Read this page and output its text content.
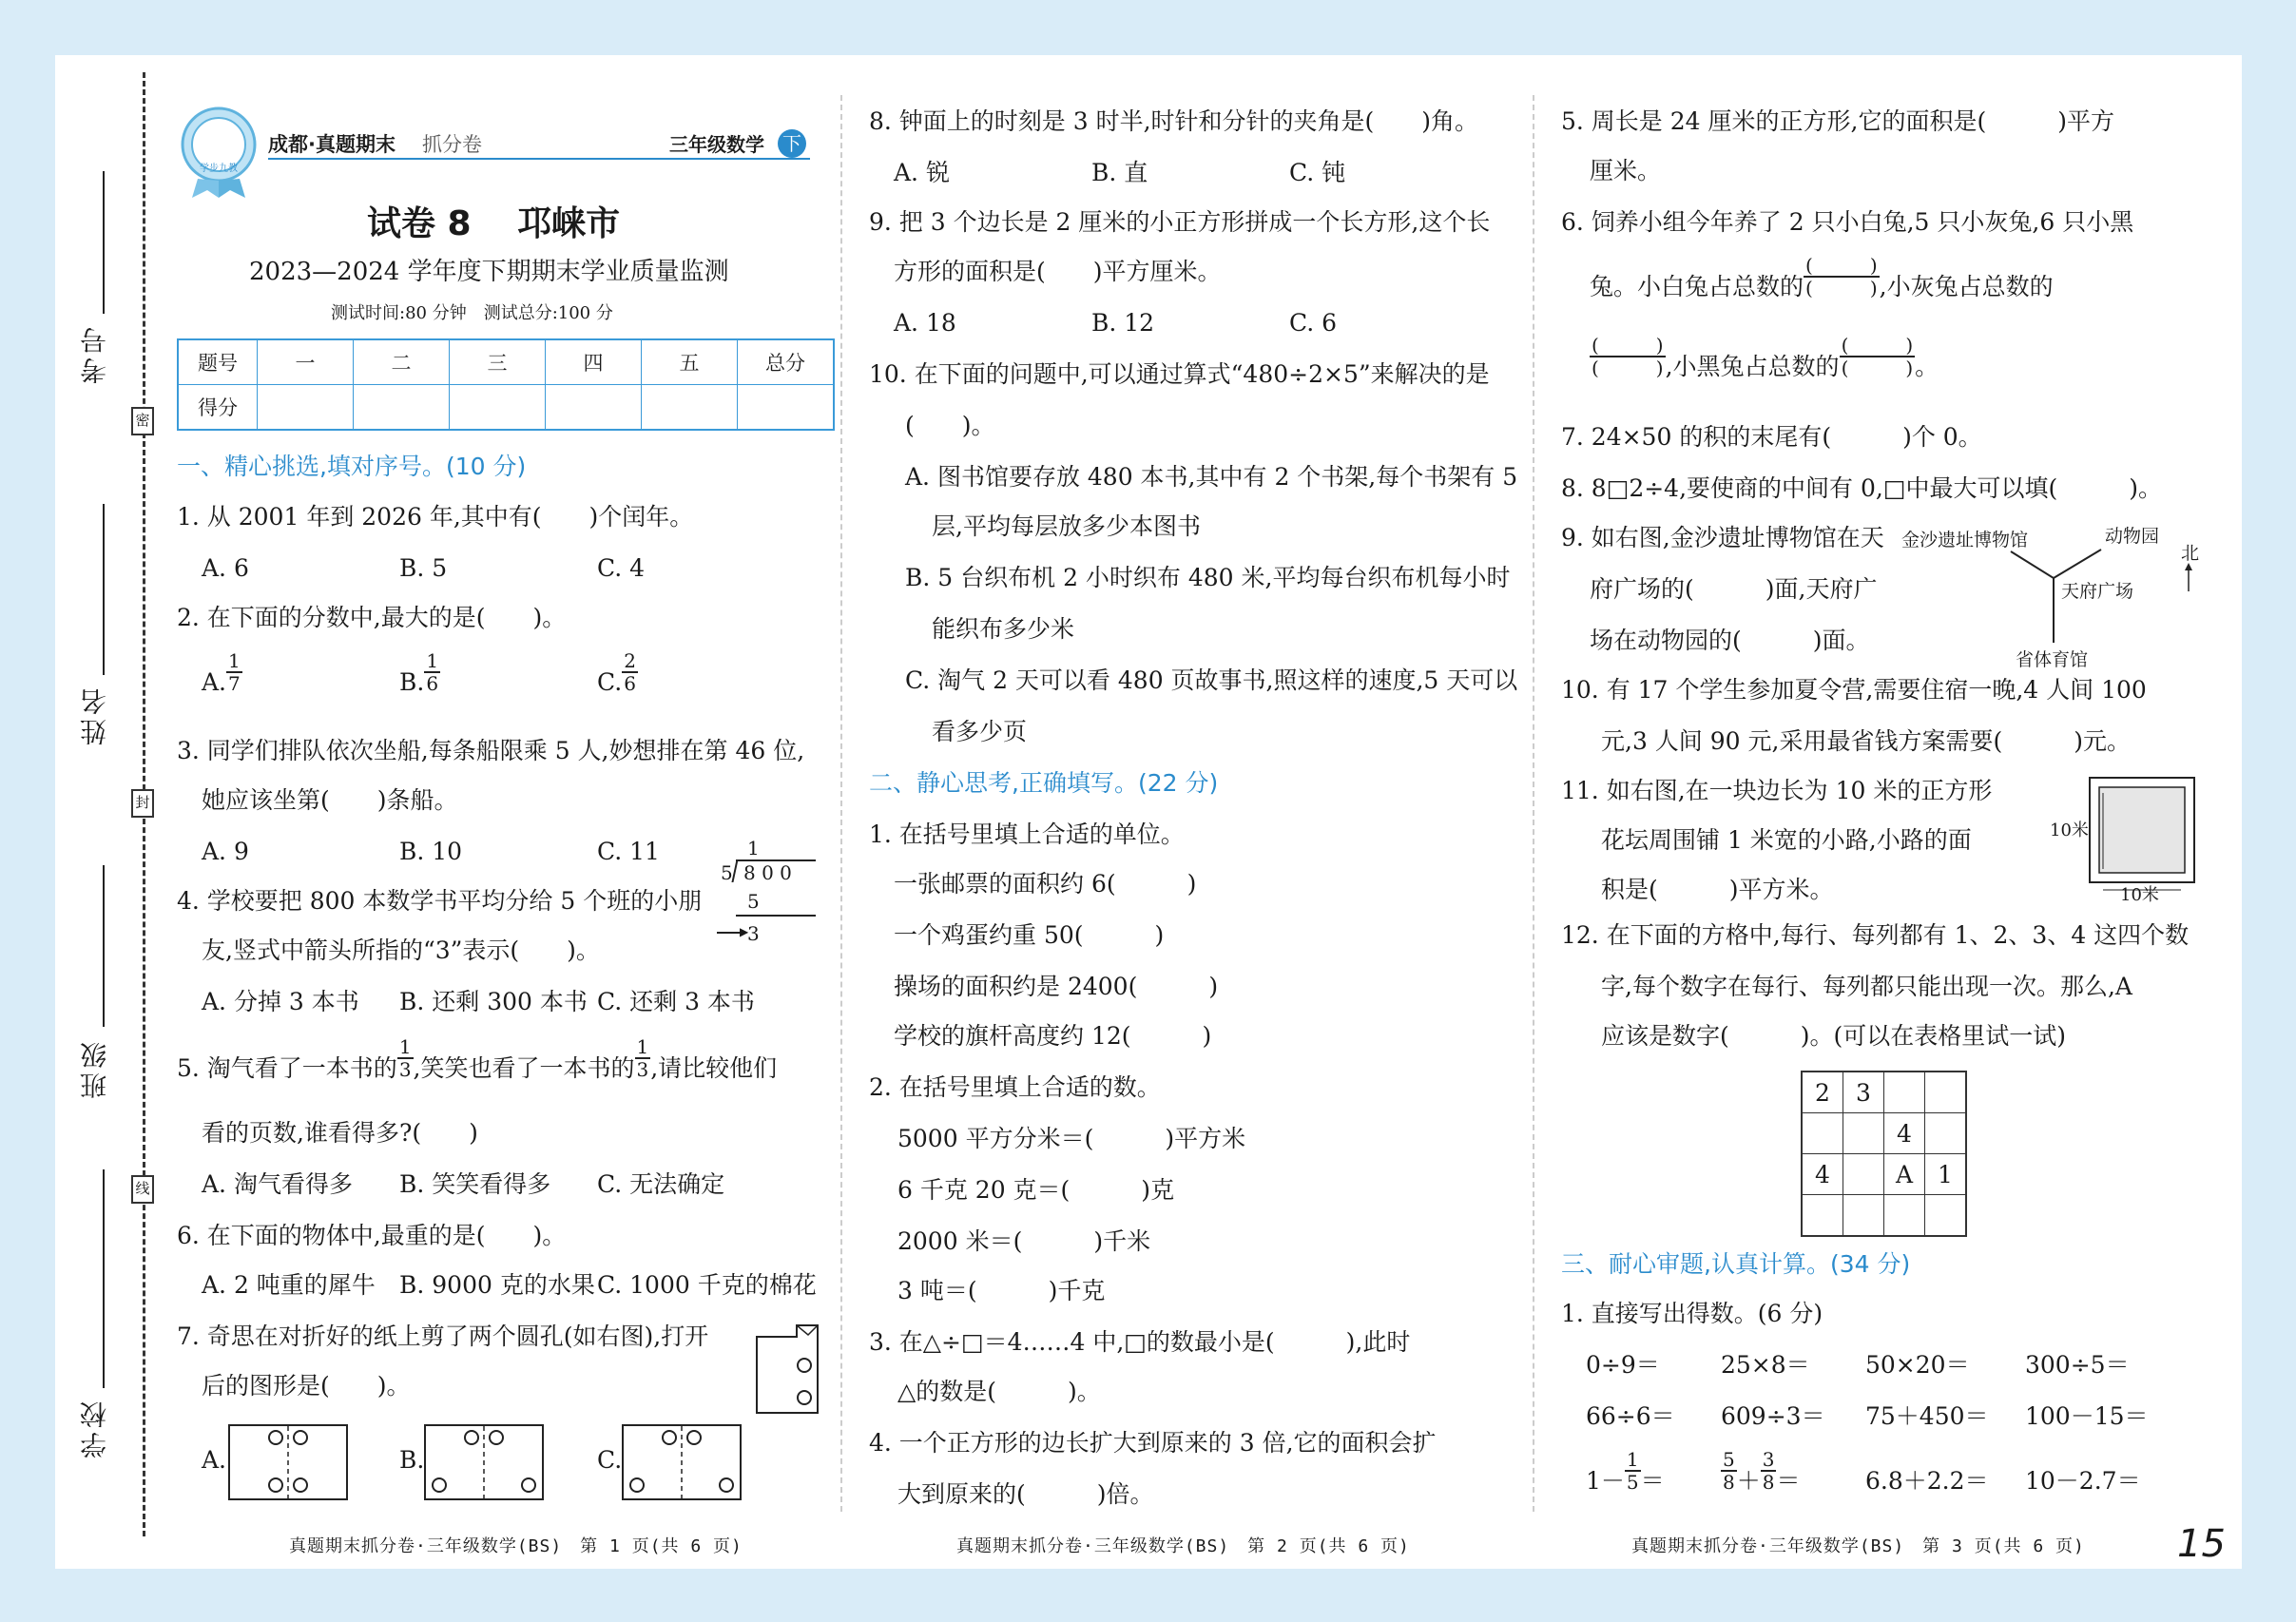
密
封
线
考号
姓名
班级
学校
学步九教
成都·真题期末 抓分卷	三年级数学 下
试卷 8　 邛崃市
2023—2024 学年度下期期末学业质量监测
测试时间:80 分钟　测试总分:100 分
题号	一	二	三	四	五	总分
得分						
一、精心挑选,填对序号。(10 分)
1. 从 2001 年到 2026 年,其中有(　　)个闰年。
A. 6	B. 5	C. 4
2. 在下面的分数中,最大的是(　　)。
A. $\frac{1}{7}$	B. $\frac{1}{6}$	C. $\frac{2}{6}$
3. 同学们排队依次坐船,每条船限乘 5 人,妙想排在第 46 位,
她应该坐第(　　)条船。
A. 9	B. 10	C. 11
4. 学校要把 800 本数学书平均分给 5 个班的小朋
友,竖式中箭头所指的“3”表示(　　)。
1
5 8 0 0
5
▶
3
A. 分掉 3 本书 B. 还剩 300 本书 C. 还剩 3 本书
5. 淘气看了一本书的 $\frac{1}{3}$ ,笑笑也看了一本书的 $\frac{1}{3}$ ,请比较他们
看的页数,谁看得多?(　　)
A. 淘气看得多 B. 笑笑看得多 C. 无法确定
6. 在下面的物体中,最重的是(　　)。
A. 2 吨重的犀牛 B. 9000 克的水果 C. 1000 千克的棉花
7. 奇思在对折好的纸上剪了两个圆孔(如右图),打开
后的图形是(　　)。
A.	B.	C.
8. 钟面上的时刻是 3 时半,时针和分针的夹角是(　　)角。
A. 锐	B. 直	C. 钝
9. 把 3 个边长是 2 厘米的小正方形拼成一个长方形,这个长
方形的面积是(　　)平方厘米。
A. 18	B. 12	C. 6
10. 在下面的问题中,可以通过算式“480÷2×5”来解决的是
(　　)。
A. 图书馆要存放 480 本书,其中有 2 个书架,每个书架有 5
层,平均每层放多少本图书
B. 5 台织布机 2 小时织布 480 米,平均每台织布机每小时
能织布多少米
C. 淘气 2 天可以看 480 页故事书,照这样的速度,5 天可以
看多少页
二、静心思考,正确填写。(22 分)
1. 在括号里填上合适的单位。
一张邮票的面积约 6(　　　)
一个鸡蛋约重 50(　　　)
操场的面积约是 2400(　　　)
学校的旗杆高度约 12(　　　)
2. 在括号里填上合适的数。
5000 平方分米＝(　　　)平方米
6 千克 20 克＝(　　　)克
2000 米＝(　　　)千米
3 吨＝(　　　)千克
3. 在△÷□＝4……4 中,□的数最小是(　　　),此时
△的数是(　　　)。
4. 一个正方形的边长扩大到原来的 3 倍,它的面积会扩
大到原来的(　　　)倍。
5. 周长是 24 厘米的正方形,它的面积是(　　　)平方
厘米。
6. 饲养小组今年养了 2 只小白兔,5 只小灰兔,6 只小黑
兔。小白兔占总数的 $\frac{( )}{( )}$ ,小灰兔占总数的
$\frac{( )}{( )}$ ,小黑兔占总数的 $\frac{( )}{( )}$ 。
7. 24×50 的积的末尾有(　　　)个 0。
8. 8□2÷4,要使商的中间有 0,□中最大可以填(　　　)。
9. 如右图,金沙遗址博物馆在天
府广场的(　　　)面,天府广
场在动物园的(　　　)面。
金沙遗址博物馆	动物园
天府广场
省体育馆
北
10. 有 17 个学生参加夏令营,需要住宿一晚,4 人间 100
元,3 人间 90 元,采用最省钱方案需要(　　　)元。
11. 如右图,在一块边长为 10 米的正方形
花坛周围铺 1 米宽的小路,小路的面
积是(　　　)平方米。
10米
10米
12. 在下面的方格中,每行、每列都有 1、2、3、4 这四个数
字,每个数字在每行、每列都只能出现一次。那么,A
应该是数字(　　　)。(可以在表格里试一试)
2	3		
		4	
4		A	1

三、耐心审题,认真计算。(34 分)
1. 直接写出得数。(6 分)
0÷9＝	25×8＝ 50×20＝ 300÷5＝
66÷6＝ 609÷3＝ 75＋450＝ 100－15＝
$1- \frac{1}{5}$ ＝	$\frac{5}{8} + \frac{3}{8}$ ＝	6.8＋2.2＝ 10－2.7＝
真题期末抓分卷·三年级数学(BS)　第 1 页(共 6 页)	真题期末抓分卷·三年级数学(BS)　第 2 页(共 6 页)	真题期末抓分卷·三年级数学(BS)　第 3 页(共 6 页) 15
